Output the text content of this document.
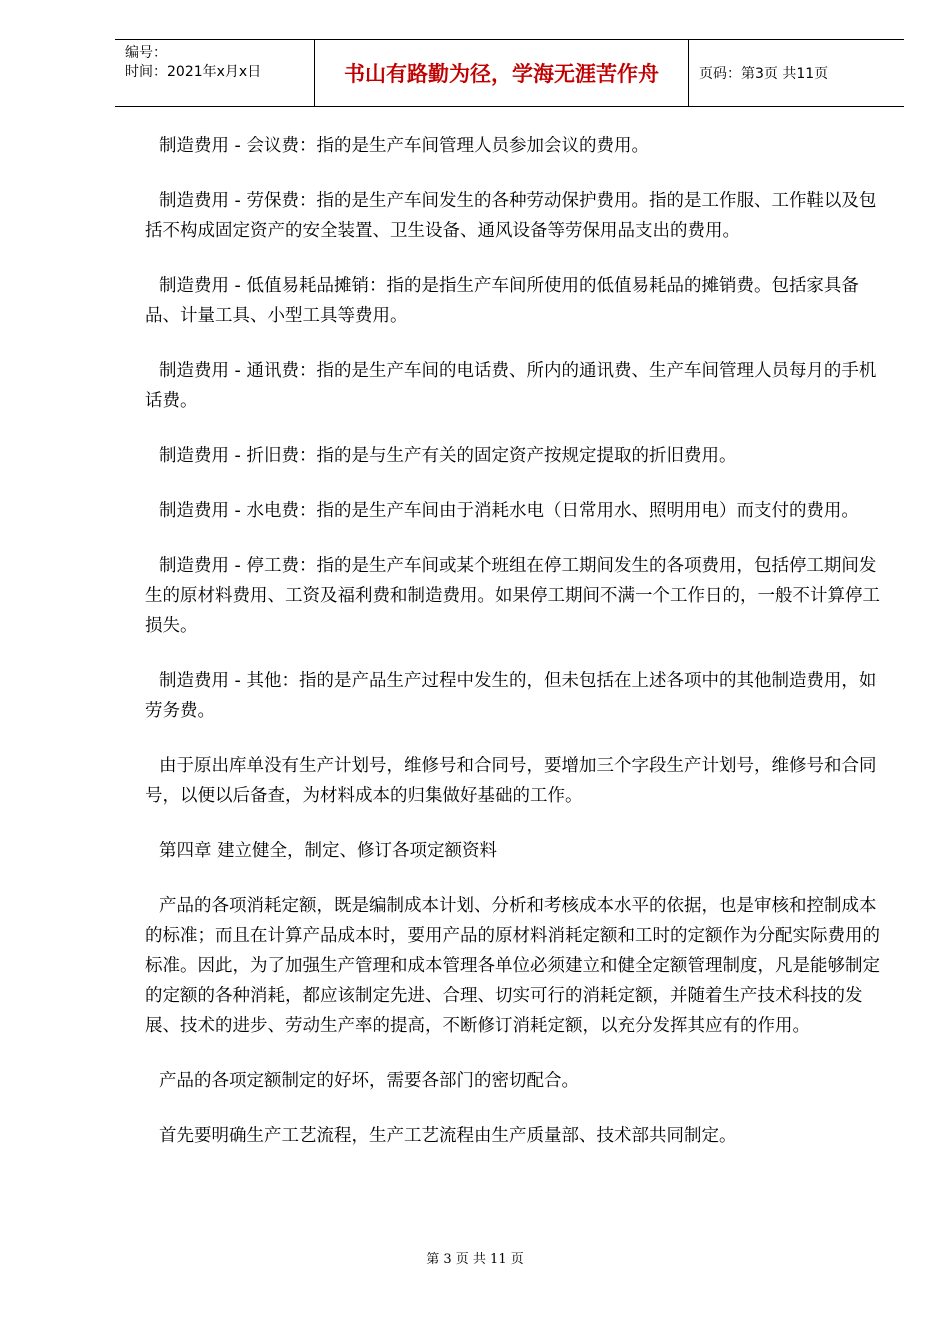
编号：
时间：2021年x月x日	书山有路勤为径，学海无涯苦作舟	页码：第3页 共11页

制造费用 - 会议费：指的是生产车间管理人员参加会议的费用。

制造费用 - 劳保费：指的是生产车间发生的各种劳动保护费用。指的是工作服、工作鞋以及包括不构成固定资产的安全装置、卫生设备、通风设备等劳保用品支出的费用。

制造费用 - 低值易耗品摊销：指的是指生产车间所使用的低值易耗品的摊销费。包括家具备品、计量工具、小型工具等费用。

制造费用 - 通讯费：指的是生产车间的电话费、所内的通讯费、生产车间管理人员每月的手机话费。

制造费用 - 折旧费：指的是与生产有关的固定资产按规定提取的折旧费用。

制造费用 - 水电费：指的是生产车间由于消耗水电（日常用水、照明用电）而支付的费用。

制造费用 - 停工费：指的是生产车间或某个班组在停工期间发生的各项费用，包括停工期间发生的原材料费用、工资及福利费和制造费用。如果停工期间不满一个工作日的，一般不计算停工损失。

制造费用 - 其他：指的是产品生产过程中发生的，但未包括在上述各项中的其他制造费用，如劳务费。

由于原出库单没有生产计划号，维修号和合同号，要增加三个字段生产计划号，维修号和合同号，以便以后备查，为材料成本的归集做好基础的工作。

第四章 建立健全，制定、修订各项定额资料

产品的各项消耗定额，既是编制成本计划、分析和考核成本水平的依据，也是审核和控制成本的标准；而且在计算产品成本时，要用产品的原材料消耗定额和工时的定额作为分配实际费用的标准。因此，为了加强生产管理和成本管理各单位必须建立和健全定额管理制度，凡是能够制定的定额的各种消耗，都应该制定先进、合理、切实可行的消耗定额，并随着生产技术科技的发展、技术的进步、劳动生产率的提高，不断修订消耗定额，以充分发挥其应有的作用。

产品的各项定额制定的好坏，需要各部门的密切配合。

首先要明确生产工艺流程，生产工艺流程由生产质量部、技术部共同制定。

第 3 页 共 11 页
